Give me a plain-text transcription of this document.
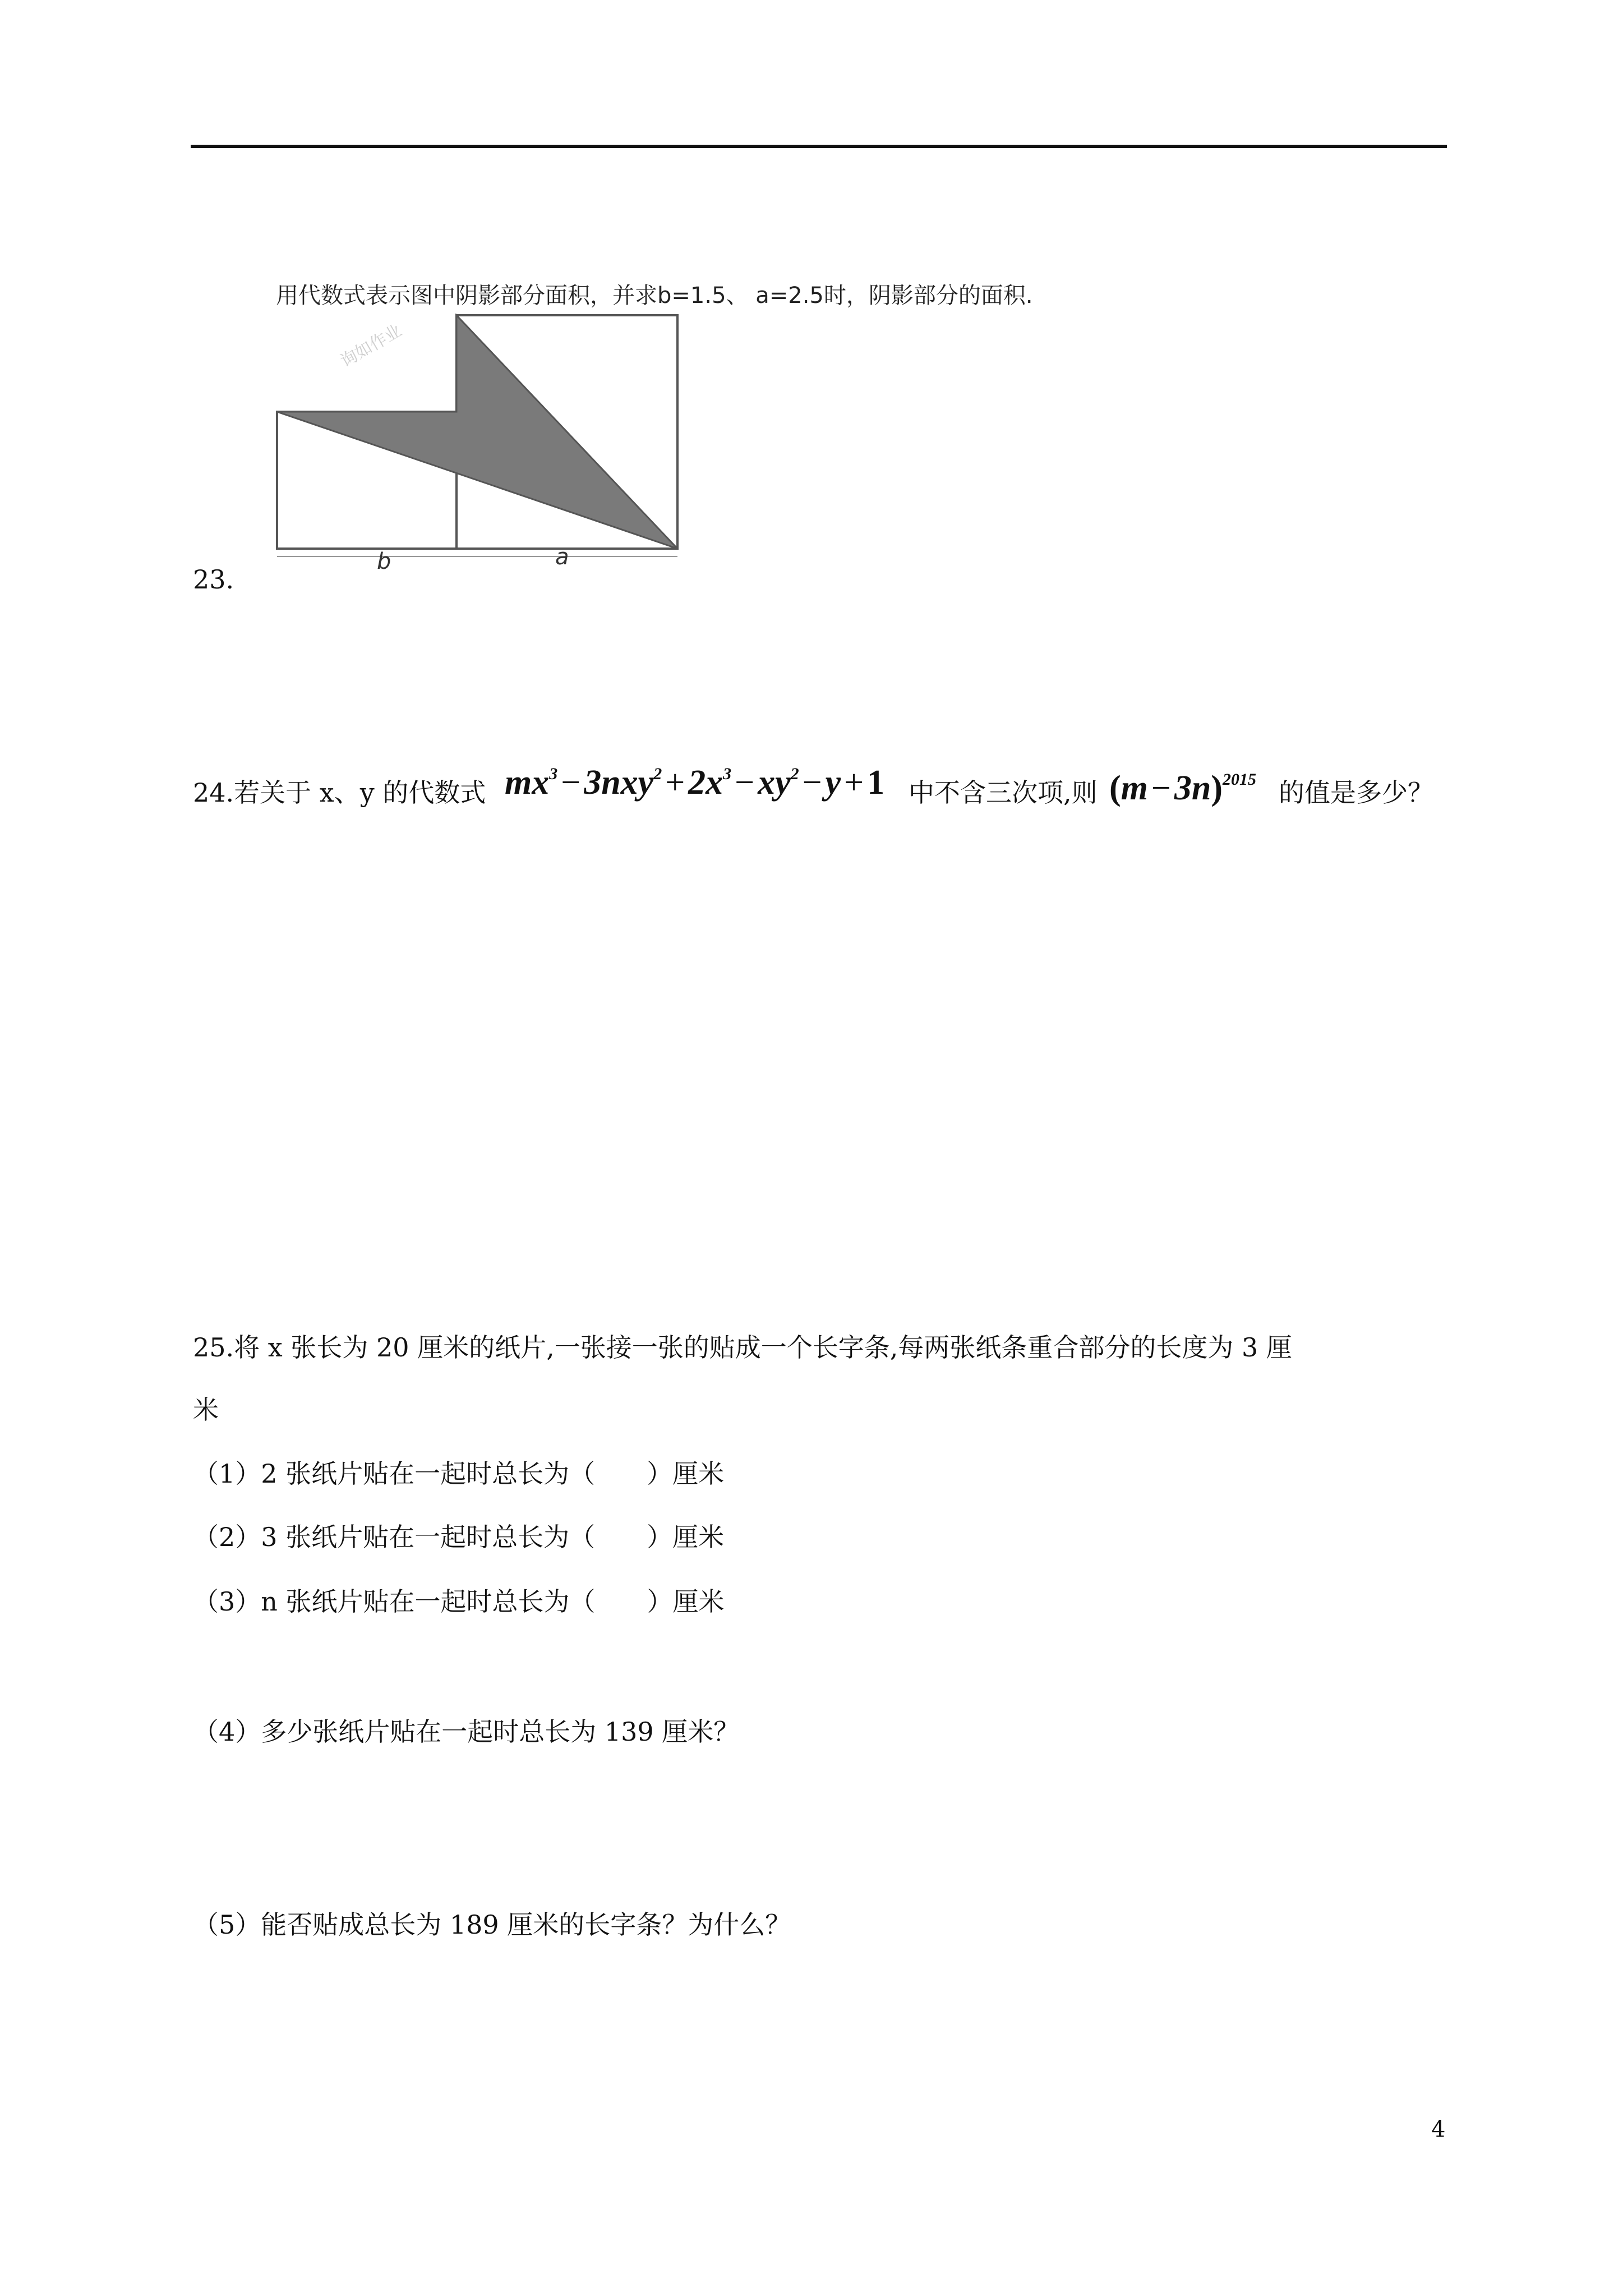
用代数式表示图中阴影部分面积，并求b=1.5、 a=2.5时，阴影部分的面积.
询如作业
b	a
23.
24.若关于 x、y 的代数式 $mx^3-3nxy^2+2x^3-xy^2-y+1$ 中不含三次项,则 $(m-3n)^{2015}$ 的值是多少？
25.将 x 张长为 20 厘米的纸片,一张接一张的贴成一个长字条,每两张纸条重合部分的长度为 3 厘
米
（1）2 张纸片贴在一起时总长为（　　）厘米
（2）3 张纸片贴在一起时总长为（　　）厘米
（3）n 张纸片贴在一起时总长为（　　）厘米
（4）多少张纸片贴在一起时总长为 139 厘米？
（5）能否贴成总长为 189 厘米的长字条？为什么？
4
